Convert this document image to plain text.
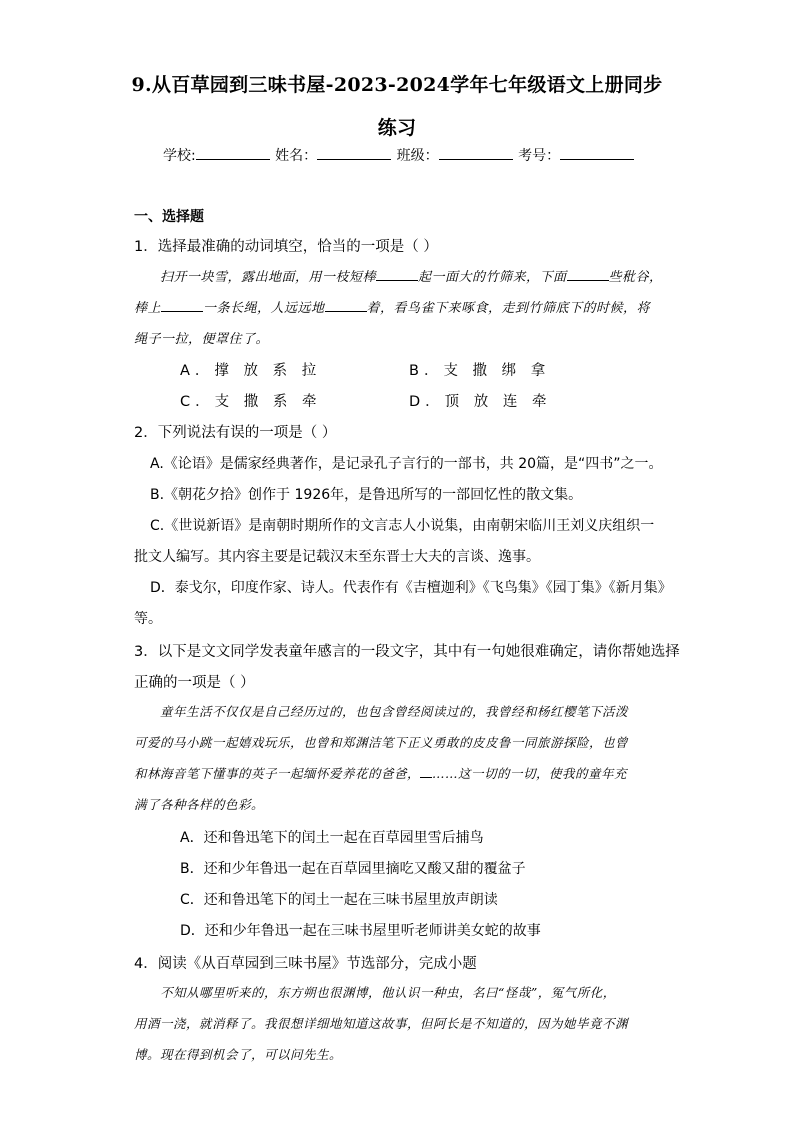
9.从百草园到三味书屋-2023-2024学年七年级语文上册同步
练习
学校:	姓名：	班级：	考号：
一、选择题
1．选择最准确的动词填空，恰当的一项是（ ）
扫开一块雪，露出地面，用一枝短棒	起一面大的竹筛来，下面	些秕谷，
棒上	一条长绳，人远远地	着，看鸟雀下来啄食，走到竹筛底下的时候，将
绳子一拉，便罩住了。
A．撑 放 系 拉	B．支 撒 绑 拿
C．支 撒 系 牵	D．顶 放 连 牵
2．下列说法有误的一项是（ ）
A.《论语》是儒家经典著作，是记录孔子言行的一部书，共 20篇，是“四书”之一。
B.《朝花夕拾》创作于 1926年，是鲁迅所写的一部回忆性的散文集。
C.《世说新语》是南朝时期所作的文言志人小说集，由南朝宋临川王刘义庆组织一
批文人编写。其内容主要是记载汉末至东晋士大夫的言谈、逸事。
D．泰戈尔，印度作家、诗人。代表作有《吉檀迦利》《飞鸟集》《园丁集》《新月集》
等。
3．以下是文文同学发表童年感言的一段文字，其中有一句她很难确定，请你帮她选择
正确的一项是（ ）
童年生活不仅仅是自己经历过的，也包含曾经阅读过的，我曾经和杨红樱笔下活泼
可爱的马小跳一起嬉戏玩乐，也曾和郑渊洁笔下正义勇敢的皮皮鲁一同旅游探险，也曾
和林海音笔下懂事的英子一起缅怀爱养花的爸爸， ……这一切的一切，使我的童年充
满了各种各样的色彩。
A．还和鲁迅笔下的闰土一起在百草园里雪后捕鸟
B．还和少年鲁迅一起在百草园里摘吃又酸又甜的覆盆子
C．还和鲁迅笔下的闰土一起在三味书屋里放声朗读
D．还和少年鲁迅一起在三味书屋里听老师讲美女蛇的故事
4．阅读《从百草园到三味书屋》节选部分，完成小题
不知从哪里听来的，东方朔也很渊博，他认识一种虫，名曰“怪哉”，冤气所化，
用酒一浇，就消释了。我很想详细地知道这故事，但阿长是不知道的，因为她毕竟不渊
博。现在得到机会了，可以问先生。
